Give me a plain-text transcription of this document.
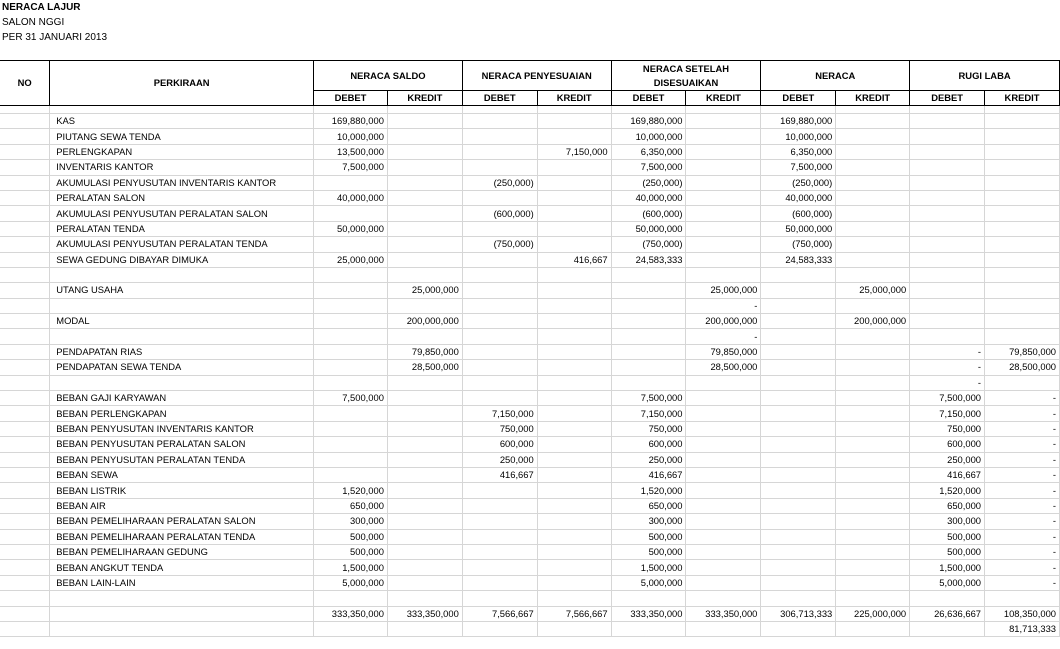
NERACA LAJUR
SALON NGGI
PER 31 JANUARI 2013
NO	PERKIRAAN	NERACA SALDO		NERACA PENYESUAIAN		NERACA SETELAH DISESUAIKAN		NERACA		RUGI LABA	
		DEBET	KREDIT	DEBET	KREDIT	DEBET	KREDIT	DEBET	KREDIT	DEBET	KREDIT

	KAS	169,880,000				169,880,000		169,880,000			
	PIUTANG SEWA TENDA	10,000,000				10,000,000		10,000,000			
	PERLENGKAPAN	13,500,000			7,150,000	6,350,000		6,350,000			
	INVENTARIS KANTOR	7,500,000				7,500,000		7,500,000			
	AKUMULASI PENYUSUTAN INVENTARIS KANTOR			(250,000)		(250,000)		(250,000)			
	PERALATAN SALON	40,000,000				40,000,000		40,000,000			
	AKUMULASI PENYUSUTAN PERALATAN SALON			(600,000)		(600,000)		(600,000)			
	PERALATAN TENDA	50,000,000				50,000,000		50,000,000			
	AKUMULASI PENYUSUTAN PERALATAN TENDA			(750,000)		(750,000)		(750,000)			
	SEWA GEDUNG DIBAYAR DIMUKA	25,000,000			416,667	24,583,333		24,583,333			

	UTANG USAHA		25,000,000				25,000,000		25,000,000		
							-				
	MODAL		200,000,000				200,000,000		200,000,000		
							-				
	PENDAPATAN RIAS		79,850,000				79,850,000			-	79,850,000
	PENDAPATAN SEWA TENDA		28,500,000				28,500,000			-	28,500,000
										-	
	BEBAN GAJI KARYAWAN	7,500,000				7,500,000				7,500,000	-
	BEBAN PERLENGKAPAN			7,150,000		7,150,000				7,150,000	-
	BEBAN PENYUSUTAN INVENTARIS KANTOR			750,000		750,000				750,000	-
	BEBAN PENYUSUTAN PERALATAN SALON			600,000		600,000				600,000	-
	BEBAN PENYUSUTAN PERALATAN TENDA			250,000		250,000				250,000	-
	BEBAN SEWA			416,667		416,667				416,667	-
	BEBAN LISTRIK	1,520,000				1,520,000				1,520,000	-
	BEBAN AIR	650,000				650,000				650,000	-
	BEBAN PEMELIHARAAN PERALATAN SALON	300,000				300,000				300,000	-
	BEBAN PEMELIHARAAN PERALATAN TENDA	500,000				500,000				500,000	-
	BEBAN PEMELIHARAAN GEDUNG	500,000				500,000				500,000	-
	BEBAN ANGKUT TENDA	1,500,000				1,500,000				1,500,000	-
	BEBAN LAIN-LAIN	5,000,000				5,000,000				5,000,000	-

		333,350,000	333,350,000	7,566,667	7,566,667	333,350,000	333,350,000	306,713,333	225,000,000	26,636,667	108,350,000
											81,713,333
